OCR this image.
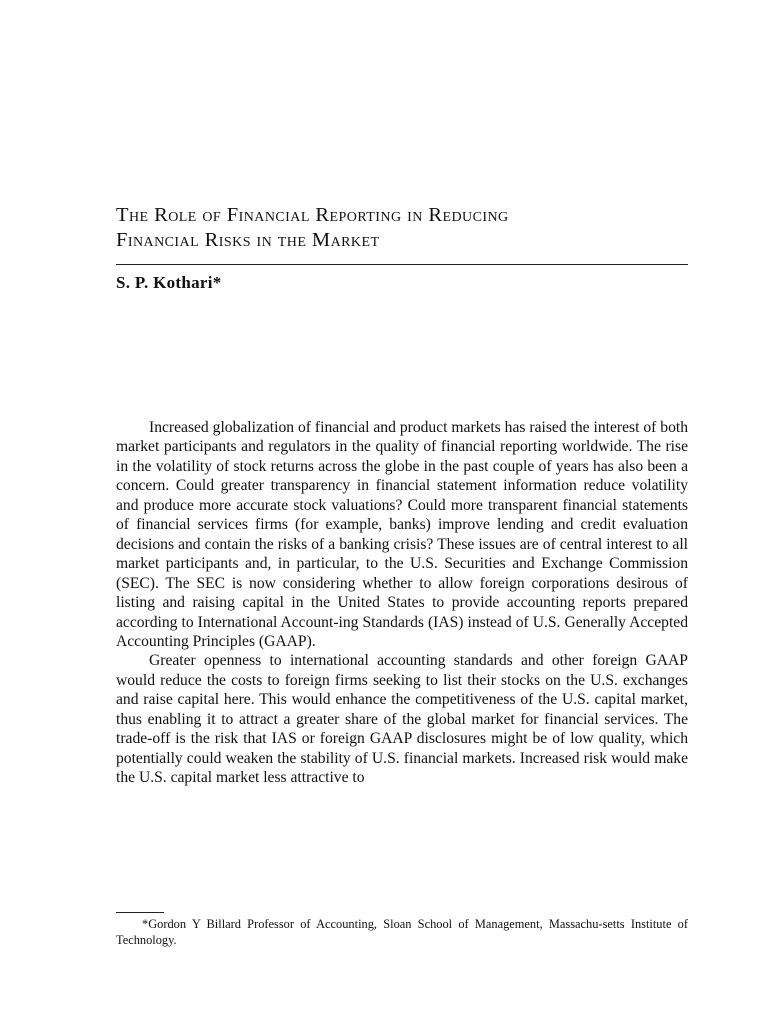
The Role of Financial Reporting in Reducing
Financial Risks in the Market

S. P. Kothari*

Increased globalization of financial and product markets has raised the interest of both market participants and regulators in the quality of financial reporting worldwide. The rise in the volatility of stock returns across the globe in the past couple of years has also been a concern. Could greater transparency in financial statement information reduce volatility and produce more accurate stock valuations? Could more transparent financial statements of financial services firms (for example, banks) improve lending and credit evaluation decisions and contain the risks of a banking crisis? These issues are of central interest to all market participants and, in particular, to the U.S. Securities and Exchange Commission (SEC). The SEC is now considering whether to allow foreign corporations desirous of listing and raising capital in the United States to provide accounting reports prepared according to International Account-ing Standards (IAS) instead of U.S. Generally Accepted Accounting Principles (GAAP).

Greater openness to international accounting standards and other foreign GAAP would reduce the costs to foreign firms seeking to list their stocks on the U.S. exchanges and raise capital here. This would enhance the competitiveness of the U.S. capital market, thus enabling it to attract a greater share of the global market for financial services. The trade-off is the risk that IAS or foreign GAAP disclosures might be of low quality, which potentially could weaken the stability of U.S. financial markets. Increased risk would make the U.S. capital market less attractive to

*Gordon Y Billard Professor of Accounting, Sloan School of Management, Massachu-setts Institute of Technology.
